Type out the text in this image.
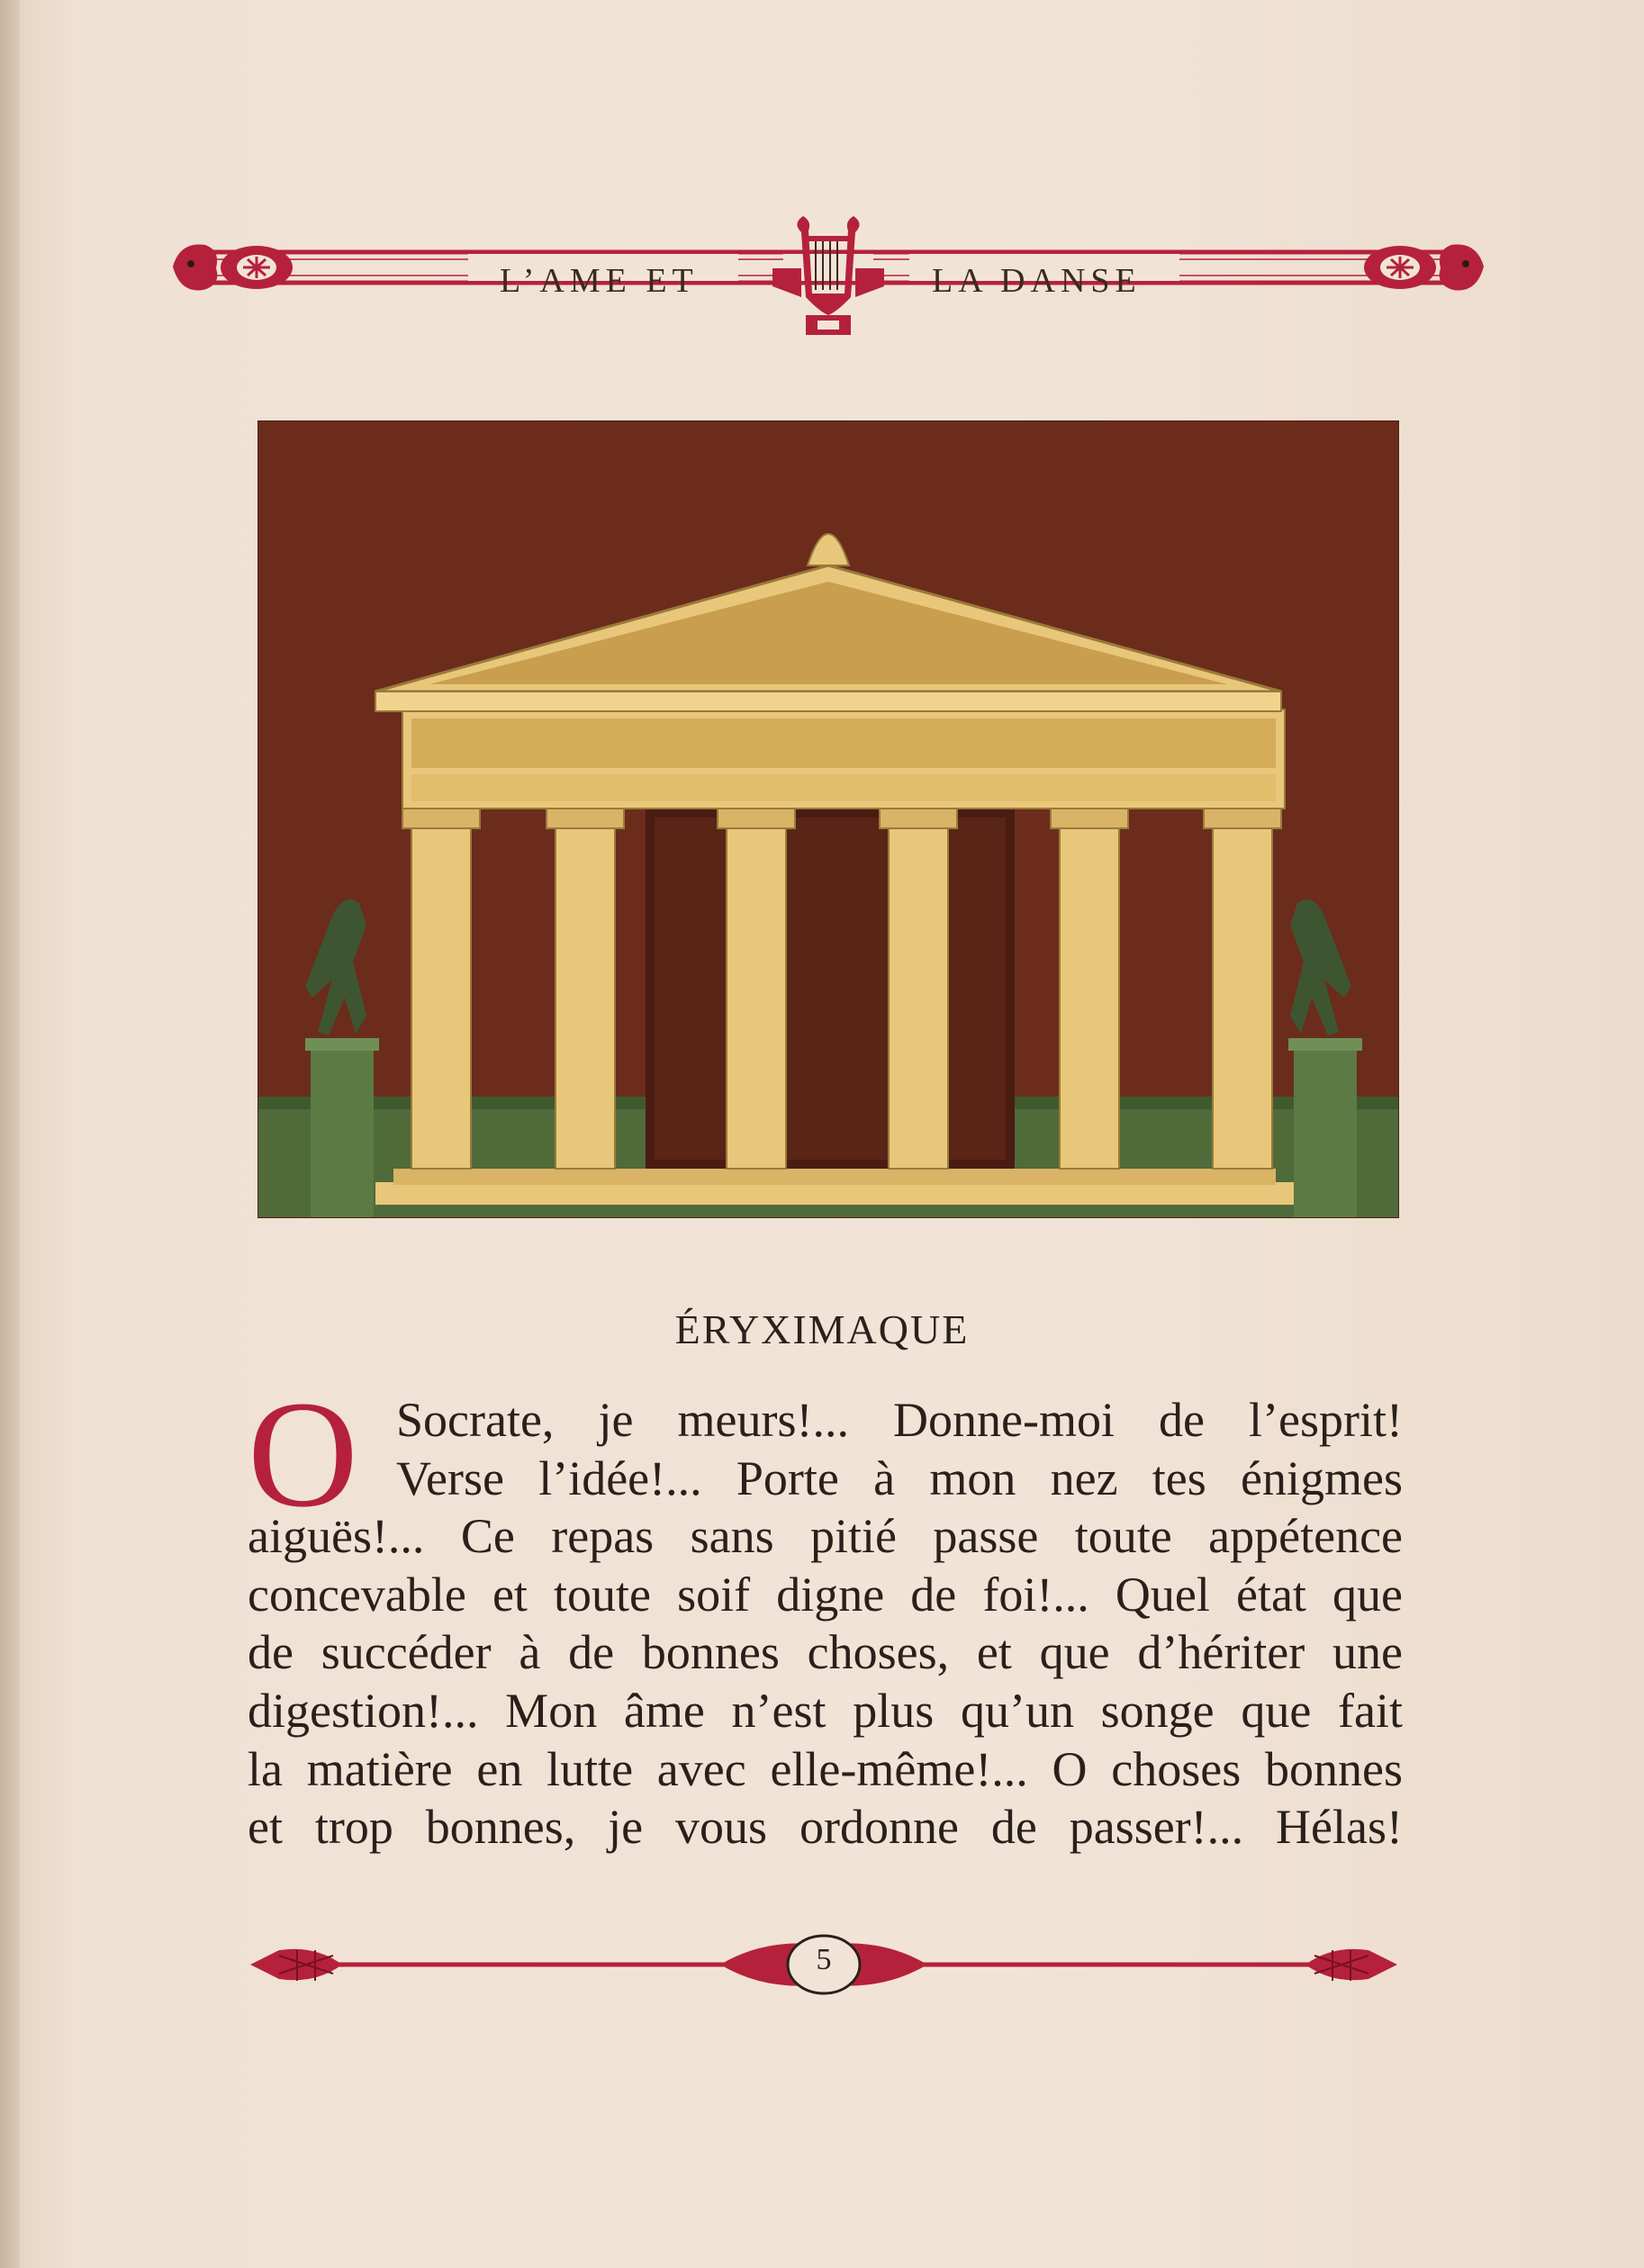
L’AME ET	LA DANSE
ÉRYXIMAQUE
O Socrate, je meurs!... Donne-moi de l’esprit!
Verse l’idée!... Porte à mon nez tes énigmes
aiguës!... Ce repas sans pitié passe toute appétence
concevable et toute soif digne de foi!... Quel état que
de succéder à de bonnes choses, et que d’hériter une
digestion!... Mon âme n’est plus qu’un songe que fait
la matière en lutte avec elle-même!... O choses bonnes
et trop bonnes, je vous ordonne de passer!... Hélas!
5
